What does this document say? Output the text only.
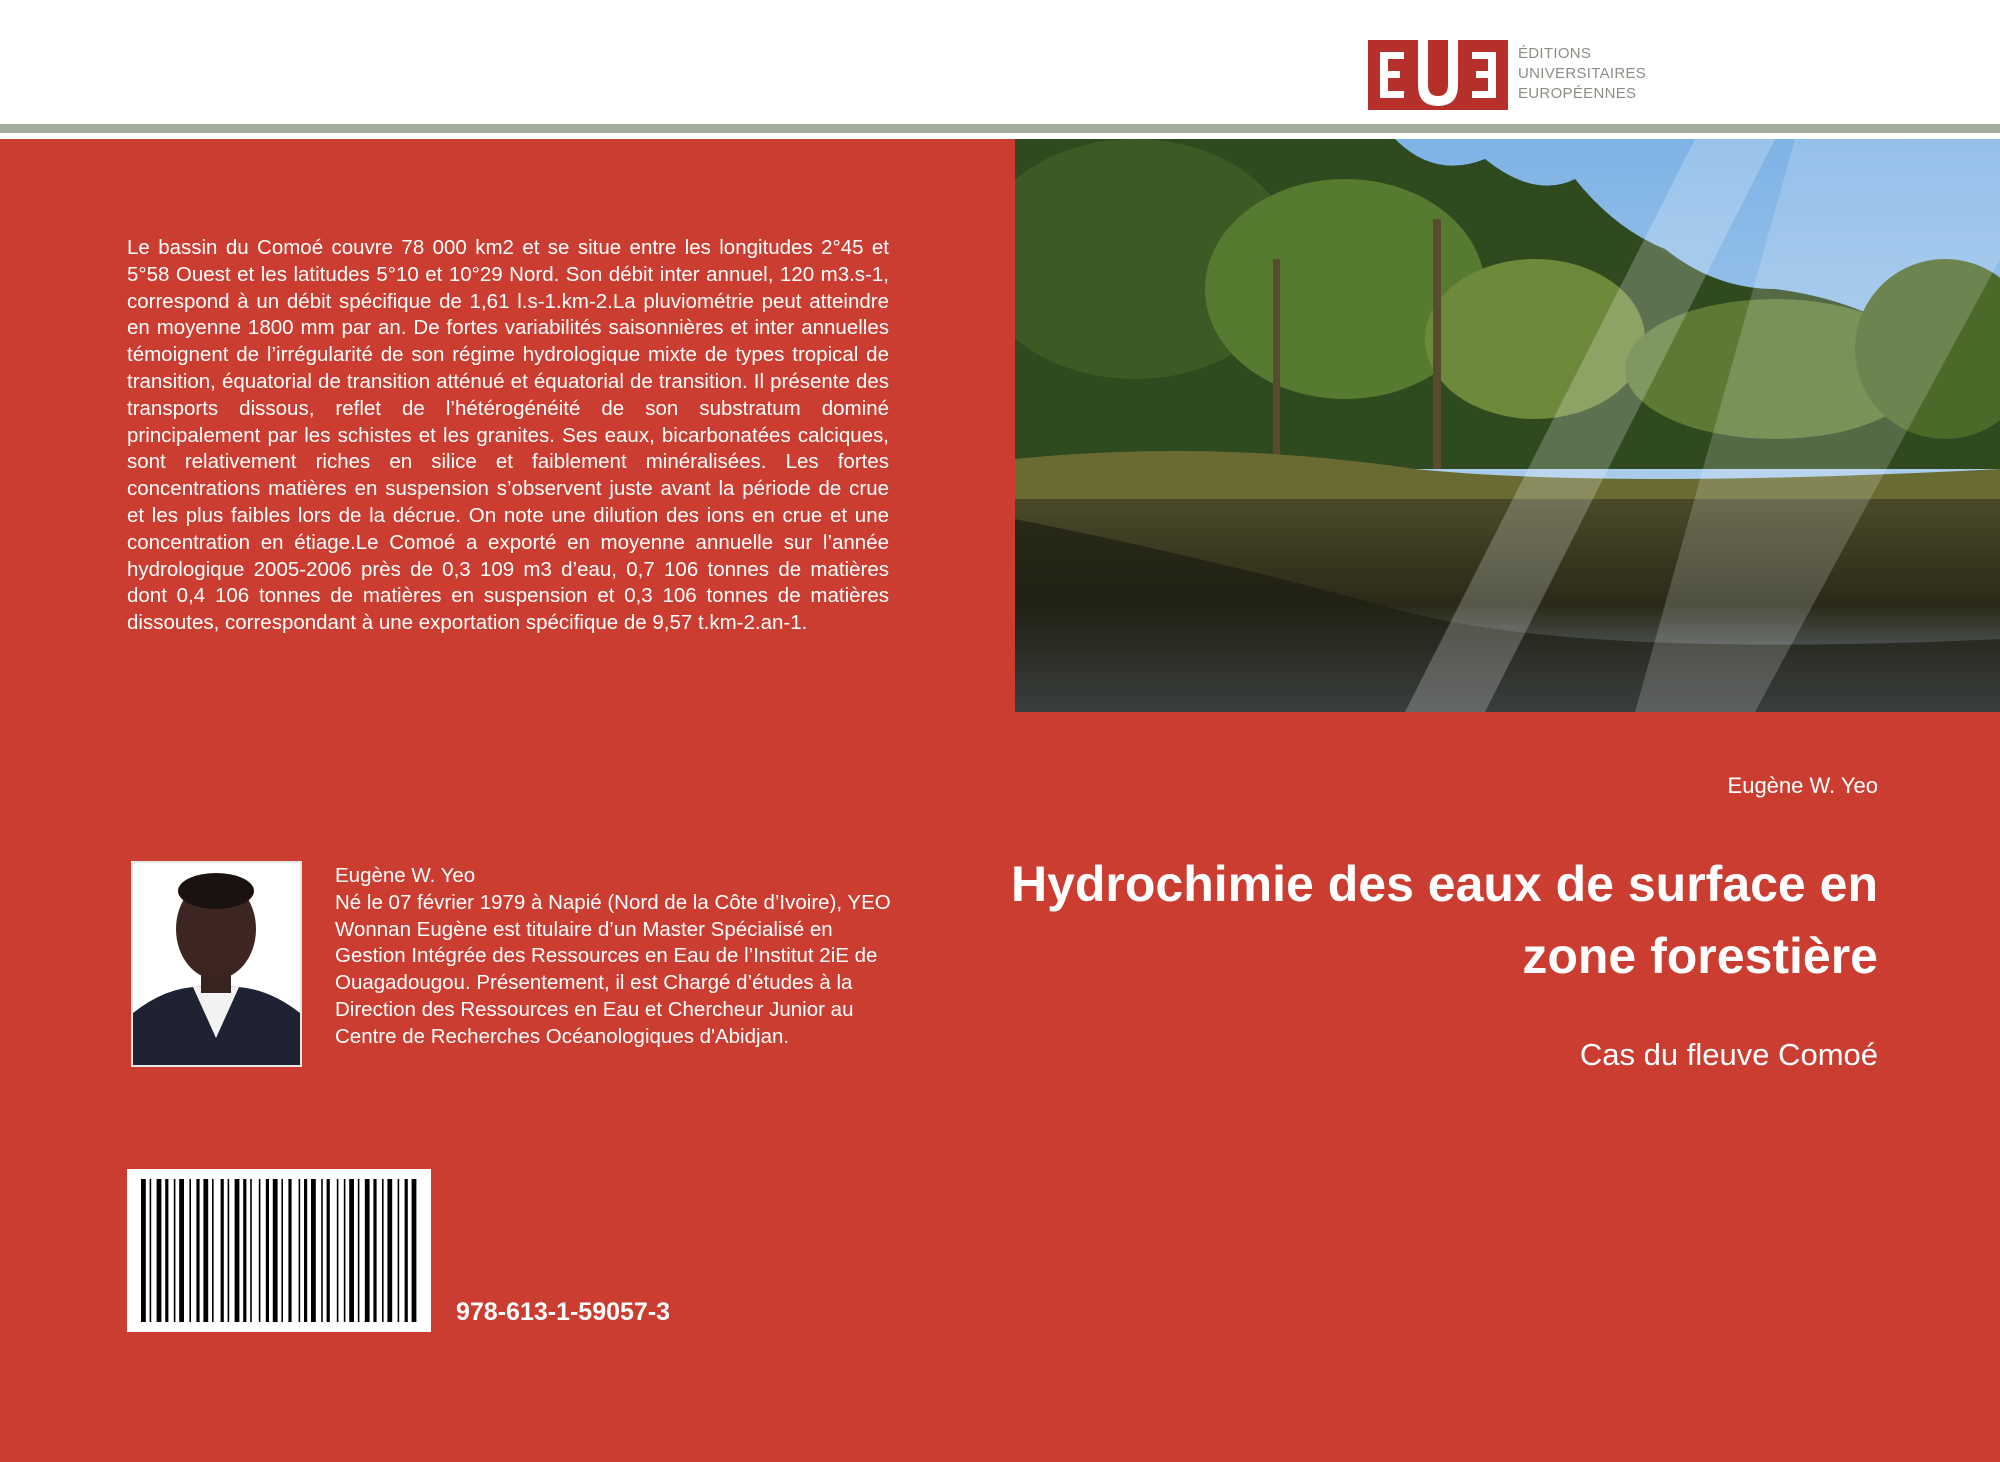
ÉDITIONS
UNIVERSITAIRES
EUROPÉENNES
Le bassin du Comoé couvre 78 000 km2 et se situe entre les longitudes 2°45 et 5°58 Ouest et les latitudes 5°10 et 10°29 Nord. Son débit inter annuel, 120 m3.s-1, correspond à un débit spécifique de 1,61 l.s-1.km-2.La pluviométrie peut atteindre en moyenne 1800 mm par an. De fortes variabilités saisonnières et inter annuelles témoignent de l’irrégularité de son régime hydrologique mixte de types tropical de transition, équatorial de transition atténué et équatorial de transition. Il présente des transports dissous, reflet de l’hétérogénéité de son substratum dominé principalement par les schistes et les granites. Ses eaux, bicarbonatées calciques, sont relativement riches en silice et faiblement minéralisées. Les fortes concentrations matières en suspension s’observent juste avant la période de crue et les plus faibles lors de la décrue. On note une dilution des ions en crue et une concentration en étiage.Le Comoé a exporté en moyenne annuelle sur l’année hydrologique 2005-2006 près de 0,3 109 m3 d’eau, 0,7 106 tonnes de matières dont 0,4 106 tonnes de matières en suspension et 0,3 106 tonnes de matières dissoutes, correspondant à une exportation spécifique de 9,57 t.km-2.an-1.
Eugène W. Yeo
Hydrochimie des eaux de surface en zone forestière
Cas du fleuve Comoé
Eugène W. Yeo
Né le 07 février 1979 à Napié (Nord de la Côte d’Ivoire), YEO Wonnan Eugène est titulaire d’un Master Spécialisé en Gestion Intégrée des Ressources en Eau de l’Institut 2iE de Ouagadougou. Présentement, il est Chargé d’études à la Direction des Ressources en Eau et Chercheur Junior au Centre de Recherches Océanologiques d'Abidjan.
978-613-1-59057-3
